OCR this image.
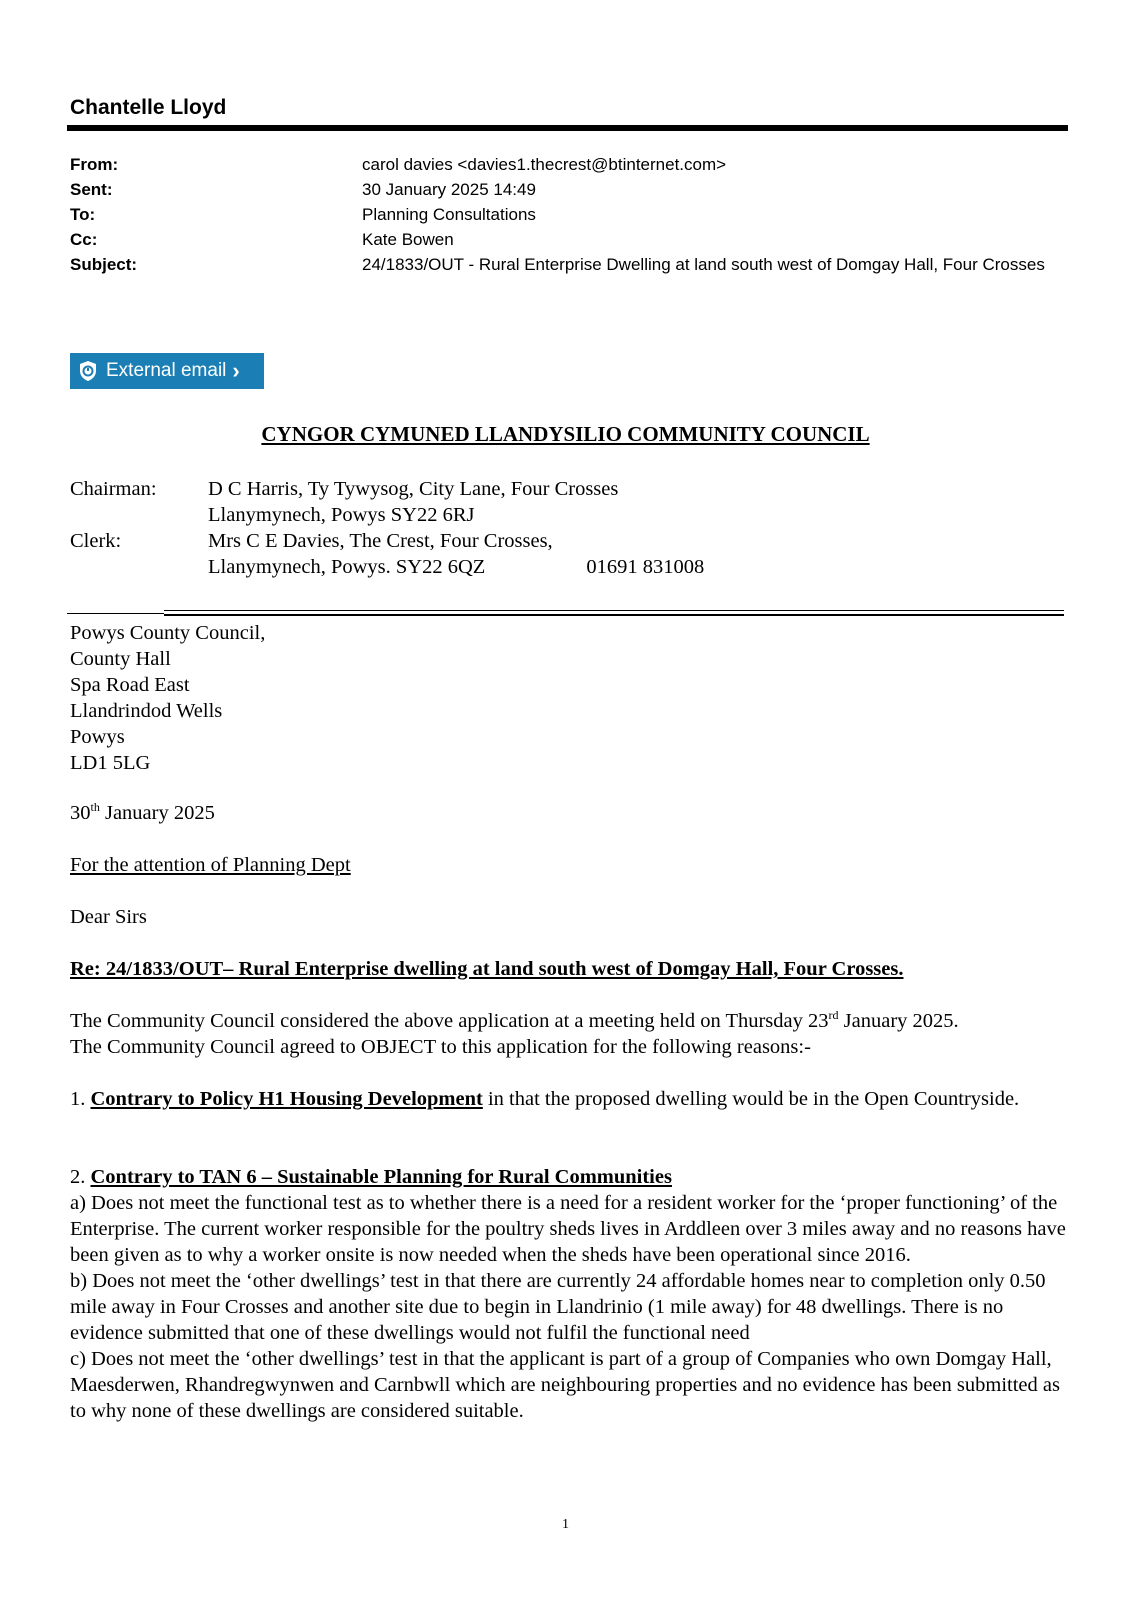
Chantelle Lloyd
From:	carol davies <davies1.thecrest@btinternet.com>
Sent:	30 January 2025 14:49
To:	Planning Consultations
Cc:	Kate Bowen
Subject:	24/1833/OUT - Rural Enterprise Dwelling at land south west of Domgay Hall, Four Crosses
External email ›
CYNGOR CYMUNED LLANDYSILIO COMMUNITY COUNCIL
Chairman:	D C Harris, Ty Tywysog, City Lane, Four Crosses
Llanymynech, Powys SY22 6RJ
Clerk:	Mrs C E Davies, The Crest, Four Crosses,
Llanymynech, Powys. SY22 6QZ	01691 831008
Powys County Council,
County Hall
Spa Road East
Llandrindod Wells
Powys
LD1 5LG
30th January 2025
For the attention of Planning Dept
Dear Sirs
Re: 24/1833/OUT– Rural Enterprise dwelling at land south west of Domgay Hall, Four Crosses.
The Community Council considered the above application at a meeting held on Thursday 23rd January 2025.
The Community Council agreed to OBJECT to this application for the following reasons:-
1. Contrary to Policy H1 Housing Development in that the proposed dwelling would be in the Open Countryside.
2. Contrary to TAN 6 – Sustainable Planning for Rural Communities
a) Does not meet the functional test as to whether there is a need for a resident worker for the ‘proper functioning’ of the Enterprise. The current worker responsible for the poultry sheds lives in Arddleen over 3 miles away and no reasons have been given as to why a worker onsite is now needed when the sheds have been operational since 2016.
b) Does not meet the ‘other dwellings’ test in that there are currently 24 affordable homes near to completion only 0.50 mile away in Four Crosses and another site due to begin in Llandrinio (1 mile away) for 48 dwellings. There is no evidence submitted that one of these dwellings would not fulfil the functional need
c) Does not meet the ‘other dwellings’ test in that the applicant is part of a group of Companies who own Domgay Hall, Maesderwen, Rhandregwynwen and Carnbwll which are neighbouring properties and no evidence has been submitted as to why none of these dwellings are considered suitable.
1
